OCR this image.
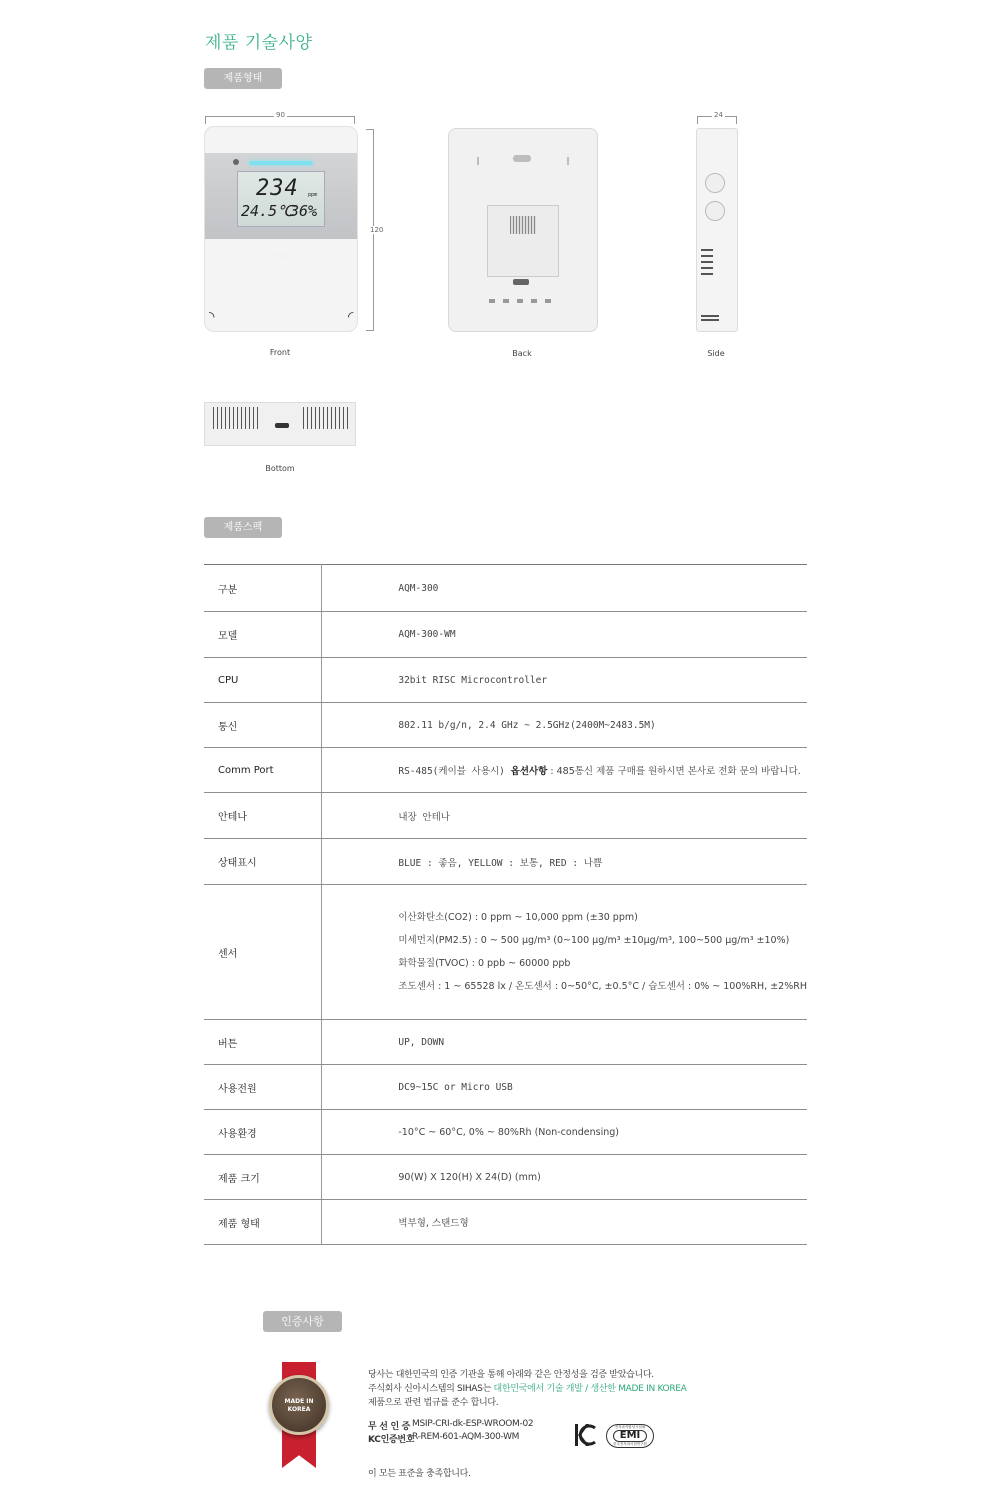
제품 기술사양
제품형태
90
120
24
234 ppm
24.5℃
36%
SIHAS
◝	◝
Front	Back	Side
Bottom
제품스펙
구분	AQM-300
모델	AQM-300-WM
CPU	32bit RISC Microcontroller
통신	802.11 b/g/n, 2.4 GHz ~ 2.5GHz(2400M~2483.5M)
Comm Port	RS-485(케이블 사용시) 옵션사항 : 485통신 제품 구매를 원하시면 본사로 전화 문의 바랍니다.
안테나	내장 안테나
상태표시	BLUE : 좋음, YELLOW : 보통, RED : 나쁨
센서	이산화탄소(CO2) : 0 ppm ~ 10,000 ppm (±30 ppm)
미세먼지(PM2.5) : 0 ~ 500 µg/m³ (0~100 µg/m³ ±10µg/m³, 100~500 µg/m³ ±10%)
화학물질(TVOC) : 0 ppb ~ 60000 ppb
조도센서 : 1 ~ 65528 lx / 온도센서 : 0~50°C, ±0.5°C / 습도센서 : 0% ~ 100%RH, ±2%RH

버튼	UP, DOWN
사용전원	DC9~15C or Micro USB
사용환경	-10°C ~ 60°C, 0% ~ 80%Rh (Non-condensing)
제품 크기	90(W) X 120(H) X 24(D) (mm)
제품 형태	벽부형, 스탠드형
인증사항
MADE IN
KOREA
당사는 대한민국의 인증 기관을 통해 아래와 같은 안정성을 검증 받았습니다.
주식회사 신아시스템의 SIHAS는 대한민국에서 기술 개발 / 생산한 MADE IN KOREA
제품으로 관련 법규를 준수 합니다.
무 선 인 증 MSIP-CRI-dk-ESP-WROOM-02
KC인증번호
R-REM-601-AQM-300-WM
전자파적합성시험필
EMI
한국전자파시험연구원
이 모든 표준을 충족합니다.
